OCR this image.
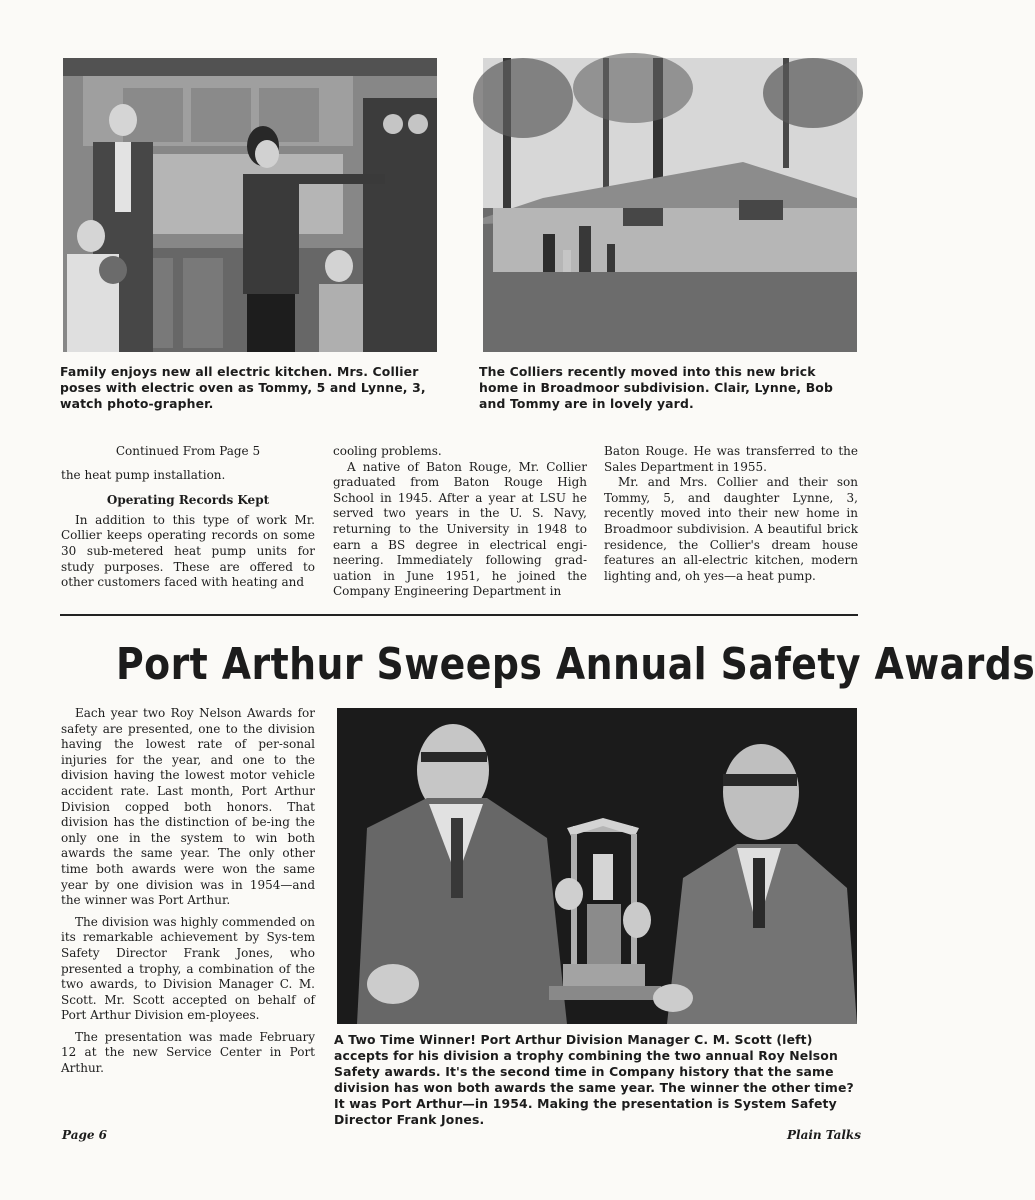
Family enjoys new all electric kitchen. Mrs. Collier poses with electric oven as Tommy, 5 and Lynne, 3, watch photo-grapher.

The Colliers recently moved into this new brick home in Broadmoor subdivision. Clair, Lynne, Bob and Tommy are in lovely yard.

Continued From Page 5

the heat pump installation.

Operating Records Kept

In addition to this type of work Mr. Collier keeps operating records on some 30 sub-metered heat pump units for study purposes. These are offered to other customers faced with heating and

cooling problems.

A native of Baton Rouge, Mr. Collier graduated from Baton Rouge High School in 1945. After a year at LSU he served two years in the U. S. Navy, returning to the University in 1948 to earn a BS degree in electrical engi-neering. Immediately following grad-uation in June 1951, he joined the Company Engineering Department in

Baton Rouge. He was transferred to the Sales Department in 1955.

Mr. and Mrs. Collier and their son Tommy, 5, and daughter Lynne, 3, recently moved into their new home in Broadmoor subdivision. A beautiful brick residence, the Collier's dream house features an all-electric kitchen, modern lighting and, oh yes—a heat pump.

Port Arthur Sweeps Annual Safety Awards

Each year two Roy Nelson Awards for safety are presented, one to the division having the lowest rate of per-sonal injuries for the year, and one to the division having the lowest motor vehicle accident rate. Last month, Port Arthur Division copped both honors. That division has the distinction of be-ing the only one in the system to win both awards the same year. The only other time both awards were won the same year by one division was in 1954—and the winner was Port Arthur.

The division was highly commended on its remarkable achievement by Sys-tem Safety Director Frank Jones, who presented a trophy, a combination of the two awards, to Division Manager C. M. Scott. Mr. Scott accepted on behalf of Port Arthur Division em-ployees.

The presentation was made February 12 at the new Service Center in Port Arthur.

A Two Time Winner! Port Arthur Division Manager C. M. Scott (left) accepts for his division a trophy combining the two annual Roy Nelson Safety awards. It's the second time in Company history that the same division has won both awards the same year. The winner the other time? It was Port Arthur—in 1954. Making the presentation is System Safety Director Frank Jones.

Page 6	Plain Talks
